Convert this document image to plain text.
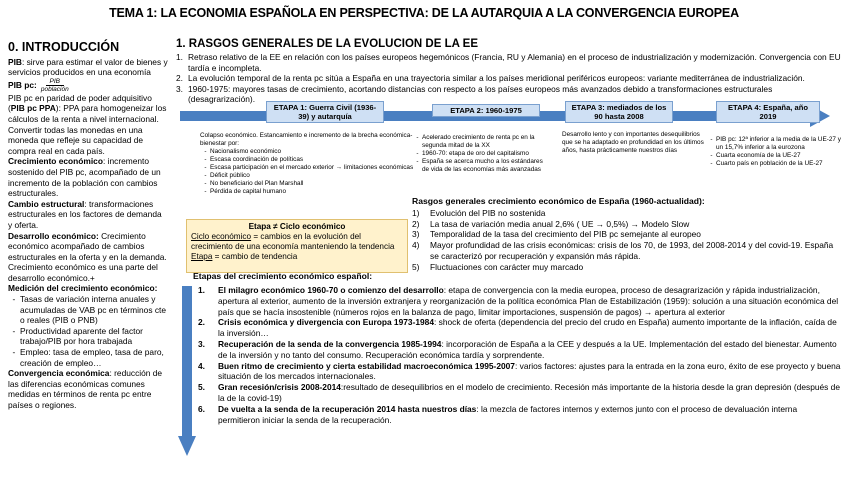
TEMA 1: LA ECONOMIA ESPAÑOLA EN PERSPECTIVA: DE LA AUTARQUIA A LA CONVERGENCIA EUROPEA
0. INTRODUCCIÓN

PIB: sirve para estimar el valor de bienes y servicios producidos en una economía

PIB pc:	PIB
población

PIB pc en paridad de poder adquisitivo (PIB pc PPA): PPA para homogeneizar los cálculos de la renta a nivel internacional. Convertir todas las monedas en una moneda que refleje su capacidad de compra real en cada país.

Crecimiento económico: incremento sostenido del PIB pc, acompañado de un incremento de la población con cambios estructurales.

Cambio estructural: transformaciones estructurales en los factores de demanda y oferta.

Desarrollo económico: Crecimiento económico acompañado de cambios estructurales en la oferta y en la demanda. Crecimiento económico es una parte del desarrollo económico.+

Medición del crecimiento económico:

- Tasas de variación interna anuales y acumuladas de VAB pc en términos cte o reales (PIB o PNB)
- Productividad aparente del factor trabajo/PIB por hora trabajada
- Empleo: tasa de empleo, tasa de paro, creación de empleo…

Convergencia económica: reducción de las diferencias económicas comunes medidas en términos de renta pc entre países o regiones.

1. RASGOS GENERALES DE LA EVOLUCION DE LA EE
1. Retraso relativo de la EE en relación con los países europeos hegemónicos (Francia, RU y Alemania) en el proceso de industrialización y modernización. Convergencia con EU tardía e incompleta.
2. La evolución temporal de la renta pc sitúa a España en una trayectoria similar a los países meridional periféricos europeos: variante mediterránea de industrialización.
3. 1960-1975: mayores tasas de crecimiento, acortando distancias con respecto a los países europeos más avanzados debido a transformaciones estructurales (desagrarización).
ETAPA 1: Guerra Civil (1936-39) y autarquía
ETAPA 2: 1960-1975	ETAPA 3: mediados de los 90 hasta 2008
ETAPA 4: España, año 2019
Colapso económico. Estancamiento e incremento de la brecha económica-bienestar por:
- Nacionalismo económico
- Escasa coordinación de políticas
- Escasa participación en el mercado exterior → limitaciones económicas
- Déficit público
- No beneficiario del Plan Marshall
- Pérdida de capital humano
- Acelerado crecimiento de renta pc en la segunda mitad de la XX
- 1960-70: etapa de oro del capitalismo
- España se acerca mucho a los estándares de vida de las economías más avanzadas
Desarrollo lento y con importantes desequilibrios que se ha adaptado en profundidad en los últimos años, hasta prácticamente nuestros días
- PIB pc: 12ª inferior a la media de la UE-27 y un 15,7% inferior a la eurozona
- Cuarta economía de la UE-27
- Cuarto país en población de la UE-27
Etapa ≠ Ciclo económico
Ciclo económico = cambios en la evolución del crecimiento de una economía manteniendo la tendencia
Etapa = cambio de tendencia
Rasgos generales crecimiento económico de España (1960-actualidad):
1)	Evolución del PIB no sostenida
2)	La tasa de variación media anual 2,6% ( UE → 0,5%) → Modelo Slow
3)	Temporalidad de la tasa del crecimiento del PIB pc semejante al europeo
4)	Mayor profundidad de las crisis económicas: crisis de los 70, de 1993, del 2008-2014 y del covid-19. España se caracterizó por recuperación y expansión más rápida.
5)	Fluctuaciones con carácter muy marcado
Etapas del crecimiento económico español:
1.	El milagro económico 1960-70 o comienzo del desarrollo: etapa de convergencia con la media europea, proceso de desagrarización y rápida industrialización, apertura al exterior, aumento de la inversión extranjera y reorganización de la política económica Plan de Estabilización (1959): solución a una situación económica del país que se hacía insostenible (números rojos en la balanza de pago, limitar importaciones, suspensión de pagos) → apertura al exterior
2.	Crisis económica y divergencia con Europa 1973-1984: shock de oferta (dependencia del precio del crudo en España) aumento importante de la inflación, caída de la inversión…
3.	Recuperación de la senda de la convergencia 1985-1994: incorporación de España a la CEE y después a la UE. Implementación del estado del bienestar. Aumento de la inversión y no tanto del consumo. Recuperación económica tardía y sorprendente.
4.	Buen ritmo de crecimiento y cierta estabilidad macroeconómica 1995-2007: varios factores: ajustes para la entrada en la zona euro, éxito de ese proyecto y buena situación de los mercados internacionales.
5.	Gran recesión/crisis 2008-2014:resultado de desequilibrios en el modelo de crecimiento. Recesión más importante de la historia desde la gran depresión (después de la de la covid-19)
6.	De vuelta a la senda de la recuperación 2014 hasta nuestros días: la mezcla de factores internos y externos junto con el proceso de devaluación interna permitieron iniciar la senda de la recuperación.
